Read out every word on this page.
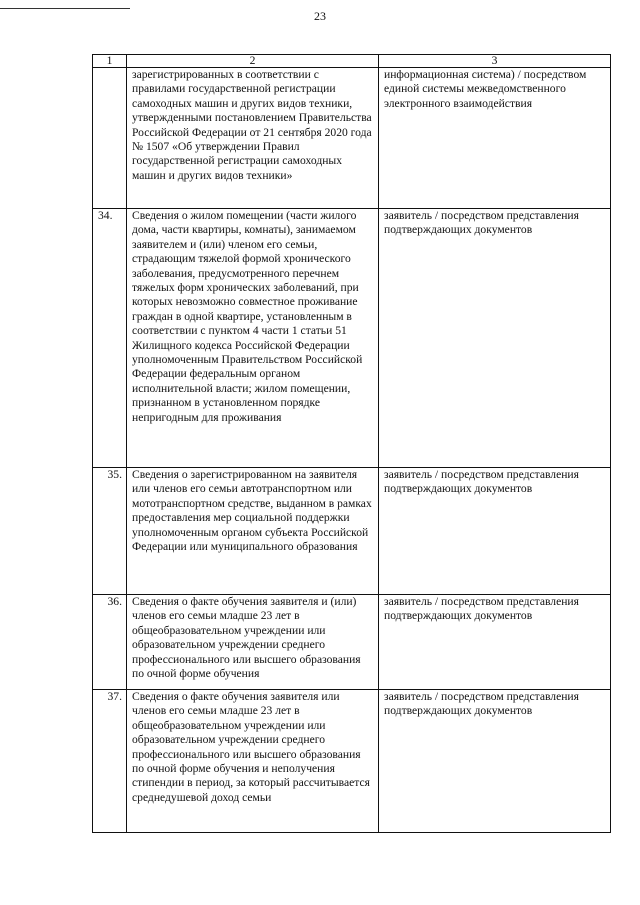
23
1	2	3
	зарегистрированных в соответствии с правилами государственной регистрации самоходных машин и других видов техники, утвержденными постановлением Правительства Российской Федерации от 21 сентября 2020 года № 1507 «Об утверждении Правил государственной регистрации самоходных машин и других видов техники»	информационная система) / посредством единой системы межведомственного электронного взаимодействия
34.	Сведения о жилом помещении (части жилого дома, части квартиры, комнаты), занимаемом заявителем и (или) членом его семьи, страдающим тяжелой формой хронического заболевания, предусмотренного перечнем тяжелых форм хронических заболеваний, при которых невозможно совместное проживание граждан в одной квартире, установленным в соответствии с пунктом 4 части 1 статьи 51 Жилищного кодекса Российской Федерации уполномоченным Правительством Российской Федерации федеральным органом исполнительной власти; жилом помещении, признанном в установленном порядке непригодным для проживания	заявитель / посредством представления подтверждающих документов
35.	Сведения о зарегистрированном на заявителя или членов его семьи автотранспортном или мототранспортном средстве, выданном в рамках предоставления мер социальной поддержки уполномоченным органом субъекта Российской Федерации или муниципального образования	заявитель / посредством представления подтверждающих документов
36.	Сведения о факте обучения заявителя и (или) членов его семьи младше 23 лет в общеобразовательном учреждении или образовательном учреждении среднего профессионального или высшего образования по очной форме обучения	заявитель / посредством представления подтверждающих документов
37.	Сведения о факте обучения заявителя или членов его семьи младше 23 лет в общеобразовательном учреждении или образовательном учреждении среднего профессионального или высшего образования по очной форме обучения и неполучения стипендии в период, за который рассчитывается среднедушевой доход семьи	заявитель / посредством представления подтверждающих документов
